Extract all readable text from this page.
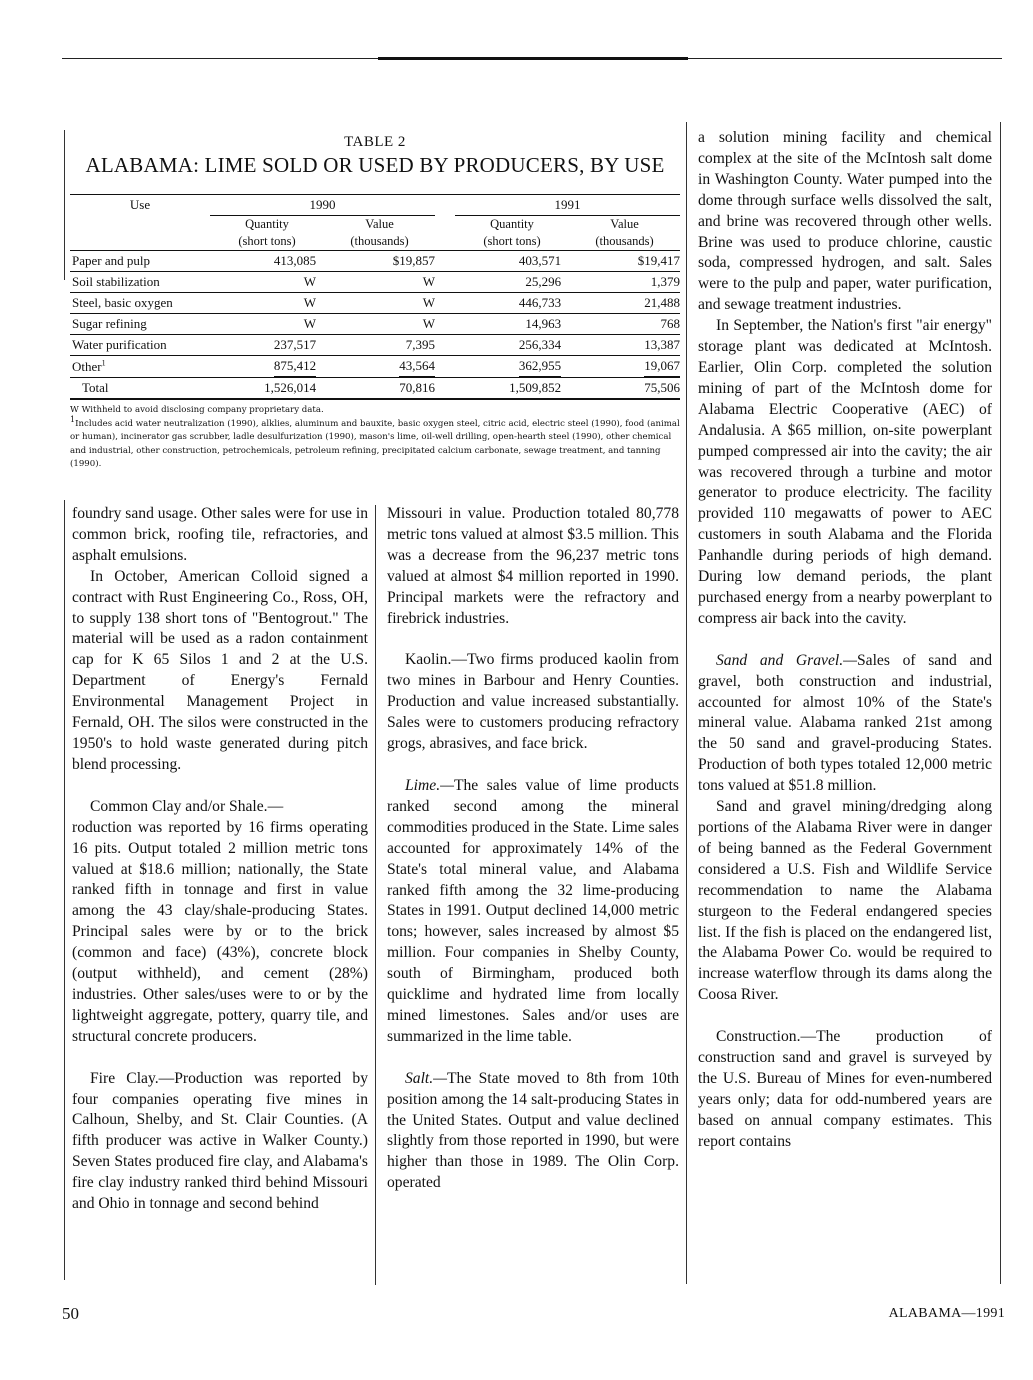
TABLE 2
ALABAMA: LIME SOLD OR USED BY PRODUCERS, BY USE
Use	1990			1991	
	Quantity	Value		Quantity	Value
	(short tons)	(thousands)		(short tons)	(thousands)
Paper and pulp	413,085	$19,857		403,571	$19,417
Soil stabilization	W	W		25,296	1,379
Steel, basic oxygen	W	W		446,733	21,488
Sugar refining	W	W		14,963	768
Water purification	237,517	7,395		256,334	13,387
Other$^1$	875,412	43,564		362,955	19,067
Total	1,526,014	70,816		1,509,852	75,506

W Withheld to avoid disclosing company proprietary data.

$^1$Includes acid water neutralization (1990), alklies, aluminum and bauxite, basic oxygen steel, citric acid, electric steel (1990), food (animal or human), incinerator gas scrubber, ladle desulfurization (1990), mason's lime, oil-well drilling, open-hearth steel (1990), other chemical and industrial, other construction, petrochemicals, petroleum refining, precipitated calcium carbonate, sewage treatment, and tanning (1990).

foundry sand usage. Other sales were for use in common brick, roofing tile, refractories, and asphalt emulsions.

In October, American Colloid signed a contract with Rust Engineering Co., Ross, OH, to supply 138 short tons of "Bentogrout." The material will be used as a radon containment cap for K 65 Silos 1 and 2 at the U.S. Department of Energy's Fernald Environmental Management Project in Fernald, OH. The silos were constructed in the 1950's to hold waste generated during pitch blend processing.

Common Clay and/or Shale.—
roduction was reported by 16 firms operating 16 pits. Output totaled 2 million metric tons valued at $18.6 million; nationally, the State ranked fifth in tonnage and first in value among the 43 clay/shale-producing States. Principal sales were by or to the brick (common and face) (43%), concrete block (output withheld), and cement (28%) industries. Other sales/uses were to or by the lightweight aggregate, pottery, quarry tile, and structural concrete producers.

Fire Clay.—Production was reported by four companies operating five mines in Calhoun, Shelby, and St. Clair Counties. (A fifth producer was active in Walker County.) Seven States produced fire clay, and Alabama's fire clay industry ranked third behind Missouri and Ohio in tonnage and second behind

Missouri in value. Production totaled 80,778 metric tons valued at almost $3.5 million. This was a decrease from the 96,237 metric tons valued at almost $4 million reported in 1990. Principal markets were the refractory and firebrick industries.

Kaolin.—Two firms produced kaolin from two mines in Barbour and Henry Counties. Production and value increased substantially. Sales were to customers producing refractory grogs, abrasives, and face brick.

Lime.—The sales value of lime products ranked second among the mineral commodities produced in the State. Lime sales accounted for approximately 14% of the State's total mineral value, and Alabama ranked fifth among the 32 lime-producing States in 1991. Output declined 14,000 metric tons; however, sales increased by almost $5 million. Four companies in Shelby County, south of Birmingham, produced both quicklime and hydrated lime from locally mined limestones. Sales and/or uses are summarized in the lime table.

Salt.—The State moved to 8th from 10th position among the 14 salt-producing States in the United States. Output and value declined slightly from those reported in 1990, but were higher than those in 1989. The Olin Corp. operated

a solution mining facility and chemical complex at the site of the McIntosh salt dome in Washington County. Water pumped into the dome through surface wells dissolved the salt, and brine was recovered through other wells. Brine was used to produce chlorine, caustic soda, compressed hydrogen, and salt. Sales were to the pulp and paper, water purification, and sewage treatment industries.

In September, the Nation's first "air energy" storage plant was dedicated at McIntosh. Earlier, Olin Corp. completed the solution mining of part of the McIntosh dome for Alabama Electric Cooperative (AEC) of Andalusia. A $65 million, on-site powerplant pumped compressed air into the cavity; the air was recovered through a turbine and motor generator to produce electricity. The facility provided 110 megawatts of power to AEC customers in south Alabama and the Florida Panhandle during periods of high demand. During low demand periods, the plant purchased energy from a nearby powerplant to compress air back into the cavity.

Sand and Gravel.—Sales of sand and gravel, both construction and industrial, accounted for almost 10% of the State's mineral value. Alabama ranked 21st among the 50 sand and gravel-producing States. Production of both types totaled 12,000 metric tons valued at $51.8 million.

Sand and gravel mining/dredging along portions of the Alabama River were in danger of being banned as the Federal Government considered a U.S. Fish and Wildlife Service recommendation to name the Alabama sturgeon to the Federal endangered species list. If the fish is placed on the endangered list, the Alabama Power Co. would be required to increase waterflow through its dams along the Coosa River.

Construction.—The production of construction sand and gravel is surveyed by the U.S. Bureau of Mines for even-numbered years only; data for odd-numbered years are based on annual company estimates. This report contains

50	ALABAMA—1991
